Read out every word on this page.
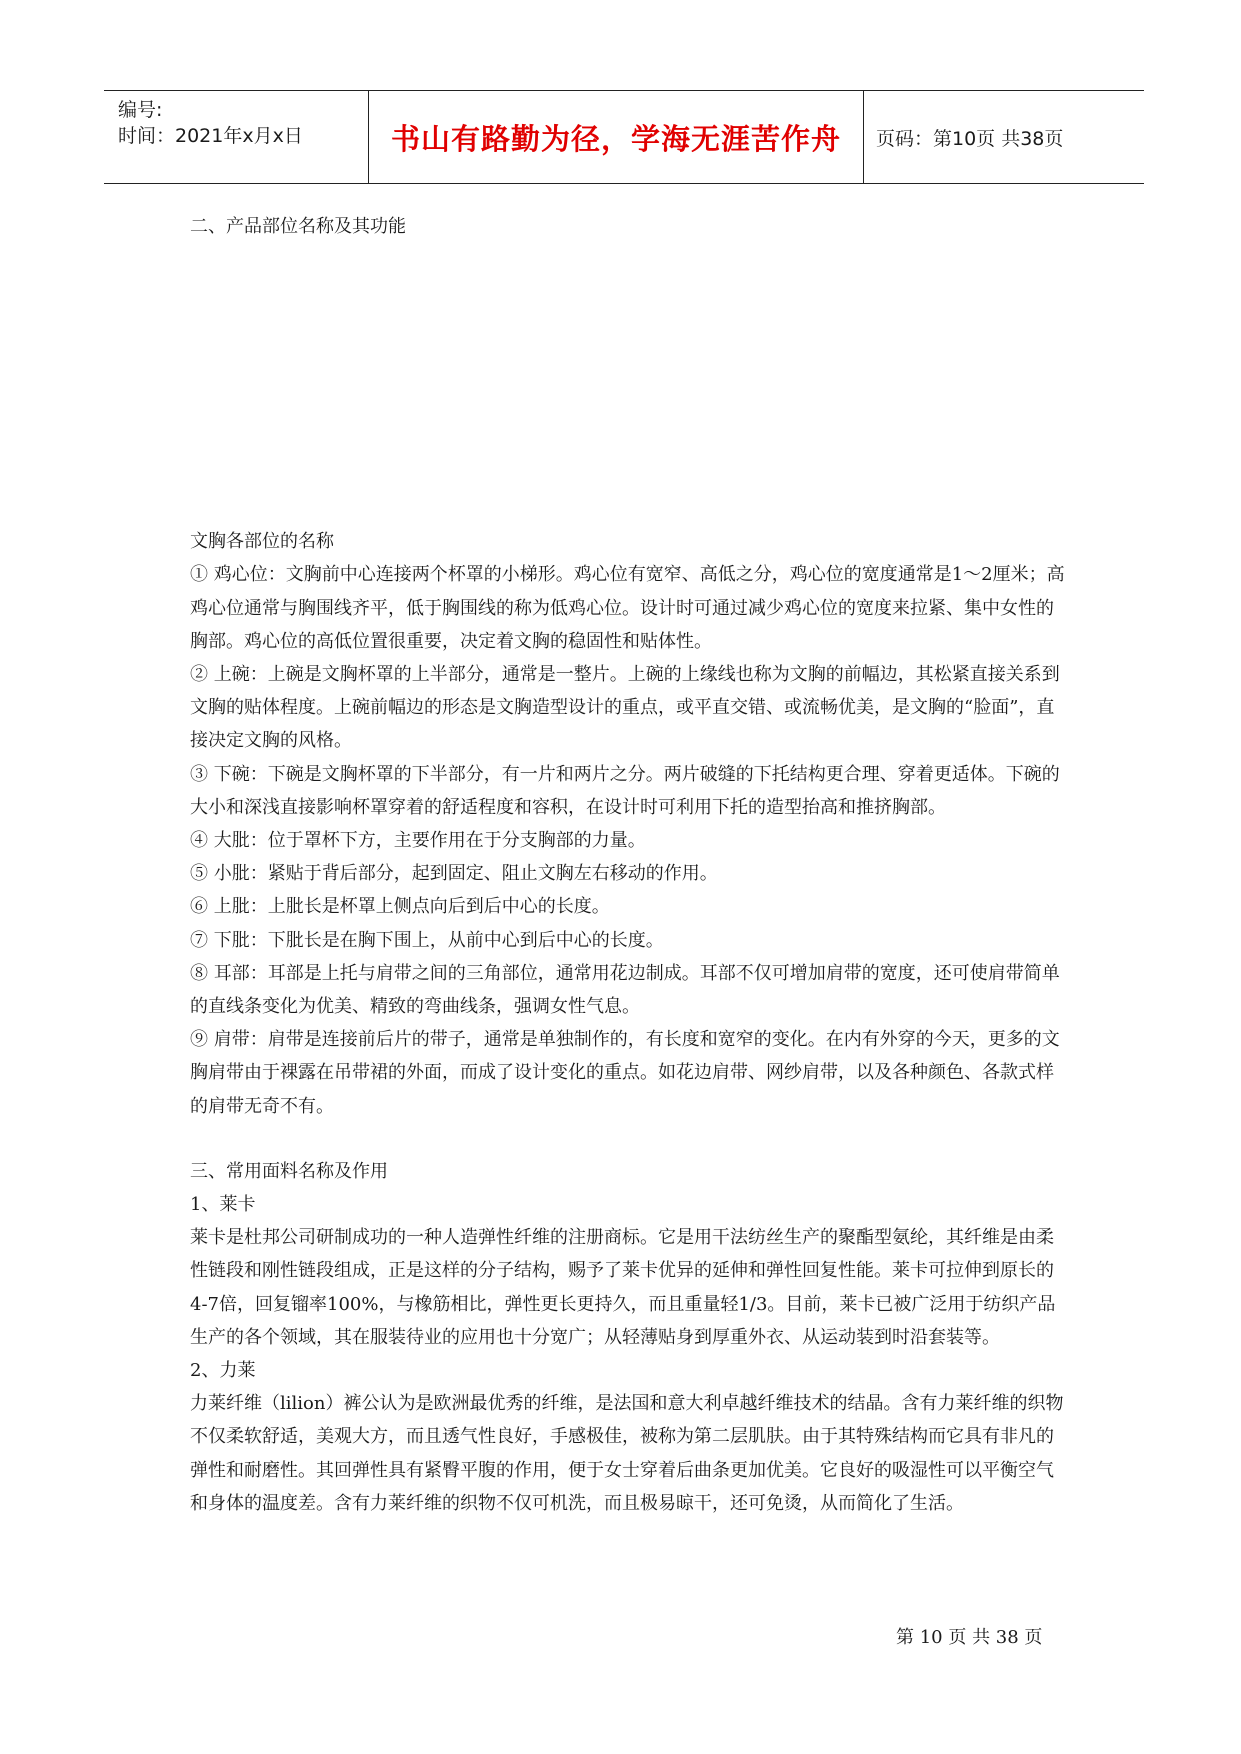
编号:
时间：2021年x月x日	书山有路勤为径，学海无涯苦作舟 页码：第10页 共38页

二、产品部位名称及其功能

文胸各部位的名称

① 鸡心位：文胸前中心连接两个杯罩的小梯形。鸡心位有宽窄、高低之分，鸡心位的宽度通常是1～2厘米；高鸡心位通常与胸围线齐平，低于胸围线的称为低鸡心位。设计时可通过减少鸡心位的宽度来拉紧、集中女性的胸部。鸡心位的高低位置很重要，决定着文胸的稳固性和贴体性。

② 上碗：上碗是文胸杯罩的上半部分，通常是一整片。上碗的上缘线也称为文胸的前幅边，其松紧直接关系到文胸的贴体程度。上碗前幅边的形态是文胸造型设计的重点，或平直交错、或流畅优美，是文胸的“脸面”，直接决定文胸的风格。

③ 下碗：下碗是文胸杯罩的下半部分，有一片和两片之分。两片破缝的下托结构更合理、穿着更适体。下碗的大小和深浅直接影响杯罩穿着的舒适程度和容积，在设计时可利用下托的造型抬高和推挤胸部。

④ 大肶：位于罩杯下方，主要作用在于分支胸部的力量。

⑤ 小肶：紧贴于背后部分，起到固定、阻止文胸左右移动的作用。

⑥ 上肶：上肶长是杯罩上侧点向后到后中心的长度。

⑦ 下肶：下肶长是在胸下围上，从前中心到后中心的长度。

⑧ 耳部：耳部是上托与肩带之间的三角部位，通常用花边制成。耳部不仅可增加肩带的宽度，还可使肩带简单的直线条变化为优美、精致的弯曲线条，强调女性气息。

⑨ 肩带：肩带是连接前后片的带子，通常是单独制作的，有长度和宽窄的变化。在内有外穿的今天，更多的文胸肩带由于裸露在吊带裙的外面，而成了设计变化的重点。如花边肩带、网纱肩带，以及各种颜色、各款式样的肩带无奇不有。

三、常用面料名称及作用

1、莱卡

莱卡是杜邦公司研制成功的一种人造弹性纤维的注册商标。它是用干法纺丝生产的聚酯型氨纶，其纤维是由柔性链段和刚性链段组成，正是这样的分子结构，赐予了莱卡优异的延伸和弹性回复性能。莱卡可拉伸到原长的4-7倍，回复镏率100%，与橡筋相比，弹性更长更持久，而且重量轻1/3。目前，莱卡已被广泛用于纺织产品生产的各个领域，其在服装待业的应用也十分宽广；从轻薄贴身到厚重外衣、从运动装到时沿套装等。

2、力莱

力莱纤维（lilion）裤公认为是欧洲最优秀的纤维，是法国和意大利卓越纤维技术的结晶。含有力莱纤维的织物不仅柔软舒适，美观大方，而且透气性良好，手感极佳，被称为第二层肌肤。由于其特殊结构而它具有非凡的弹性和耐磨性。其回弹性具有紧臀平腹的作用，便于女士穿着后曲条更加优美。它良好的吸湿性可以平衡空气和身体的温度差。含有力莱纤维的织物不仅可机洗，而且极易晾干，还可免烫，从而简化了生活。

第 10 页 共 38 页
